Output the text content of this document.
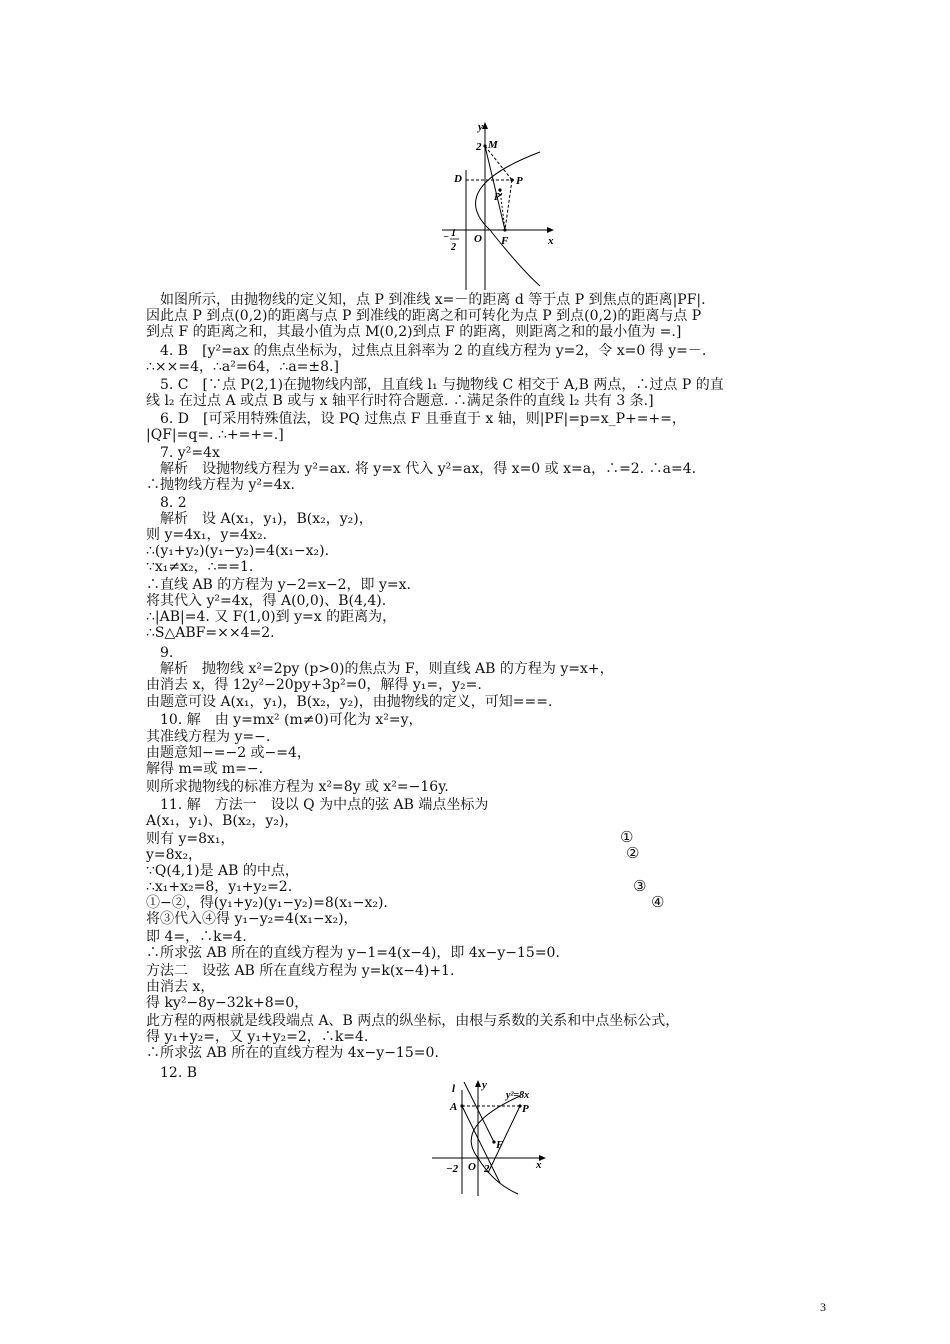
y
2 M
D	P
P′
O F	x
− 1
2
　如图所示，由抛物线的定义知，点 P 到准线 x=－的距离 d 等于点 P 到焦点的距离|PF|.
因此点 P 到点(0,2)的距离与点 P 到准线的距离之和可转化为点 P 到点(0,2)的距离与点 P
到点 F 的距离之和，其最小值为点 M(0,2)到点 F 的距离，则距离之和的最小值为 =.]
　4. B　[y²=ax 的焦点坐标为，过焦点且斜率为 2 的直线方程为 y=2，令 x=0 得 y=－.
∴××=4，∴a²=64，∴a=±8.]
　5. C　[∵点 P(2,1)在抛物线内部，且直线 l₁ 与抛物线 C 相交于 A,B 两点，∴过点 P 的直
线 l₂ 在过点 A 或点 B 或与 x 轴平行时符合题意. ∴满足条件的直线 l₂ 共有 3 条.]
　6. D　[可采用特殊值法，设 PQ 过焦点 F 且垂直于 x 轴，则|PF|=p=x_P+=+=，
|QF|=q=. ∴+=+=.]
　7. y²=4x
　解析　设抛物线方程为 y²=ax. 将 y=x 代入 y²=ax，得 x=0 或 x=a，∴=2. ∴a=4.
∴抛物线方程为 y²=4x.
　8. 2
　解析　设 A(x₁，y₁)，B(x₂，y₂)，
则 y=4x₁，y=4x₂.
∴(y₁+y₂)(y₁−y₂)=4(x₁−x₂).
∵x₁≠x₂，∴==1.
∴直线 AB 的方程为 y−2=x−2，即 y=x.
将其代入 y²=4x，得 A(0,0)、B(4,4).
∴|AB|=4. 又 F(1,0)到 y=x 的距离为，
∴S△ABF=××4=2.
　9.
　解析　抛物线 x²=2py (p>0)的焦点为 F，则直线 AB 的方程为 y=x+，
由消去 x，得 12y²−20py+3p²=0，解得 y₁=，y₂=.
由题意可设 A(x₁，y₁)，B(x₂，y₂)，由抛物线的定义，可知===.
　10. 解　由 y=mx² (m≠0)可化为 x²=y，
其准线方程为 y=−.
由题意知−=−2 或−=4，
解得 m=或 m=−.
则所求抛物线的标准方程为 x²=8y 或 x²=−16y.
　11. 解　方法一　设以 Q 为中点的弦 AB 端点坐标为
A(x₁，y₁)、B(x₂，y₂)，
则有 y=8x₁，
y=8x₂，
∵Q(4,1)是 AB 的中点，
∴x₁+x₂=8，y₁+y₂=2.
①−②，得(y₁+y₂)(y₁−y₂)=8(x₁−x₂).
将③代入④得 y₁−y₂=4(x₁−x₂)，
即 4=，∴k=4.
∴所求弦 AB 所在的直线方程为 y−1=4(x−4)，即 4x−y−15=0.
方法二　设弦 AB 所在直线方程为 y=k(x−4)+1.
由消去 x，
得 ky²−8y−32k+8=0，
此方程的两根就是线段端点 A、B 两点的纵坐标，由根与系数的关系和中点坐标公式，
得 y₁+y₂=，又 y₁+y₂=2，∴k=4.
∴所求弦 AB 所在的直线方程为 4x−y−15=0.
　12. B
①
②
③
④
y
l
y²=8x
A	P
F
−2 O 2	x
3
